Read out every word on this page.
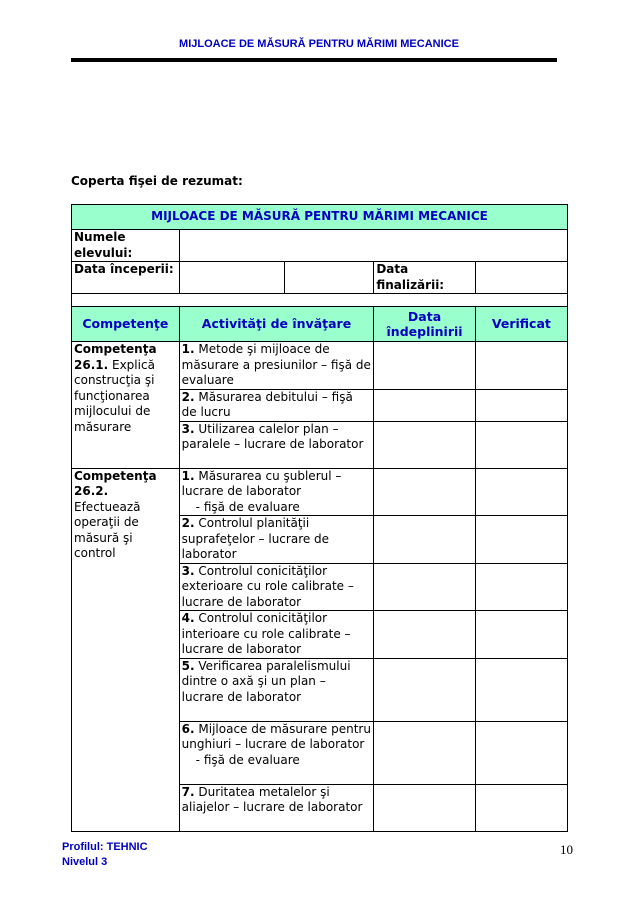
MIJLOACE DE MĂSURĂ PENTRU MĂRIMI MECANICE
Coperta fişei de rezumat:
MIJLOACE DE MĂSURĂ PENTRU MĂRIMI MECANICE				
Numele elevului:				
Data începerii:			Data finalizării:	

Competenţe	Activităţi de învăţare		Data îndeplinirii	Verificat
Competenţa 26.1. Explică construcţia şi funcţionarea mijlocului de măsurare	1. Metode şi mijloace de măsurare a presiunilor – fişă de evaluare			
	2. Măsurarea debitului – fişă de lucru			
	3. Utilizarea calelor plan – paralele – lucrare de laborator			
Competenţa 26.2. Efectuează operaţii de măsură şi control	1. Măsurarea cu şublerul – lucrare de laborator
- fişă de evaluare			
	2. Controlul planităţii suprafeţelor – lucrare de laborator			
	3. Controlul conicităţilor exterioare cu role calibrate – lucrare de laborator			
	4. Controlul conicităţilor interioare cu role calibrate – lucrare de laborator			
	5. Verificarea paralelismului dintre o axă şi un plan – lucrare de laborator			
	6. Mijloace de măsurare pentru unghiuri – lucrare de laborator
- fişă de evaluare			
	7. Duritatea metalelor şi aliajelor – lucrare de laborator			
Profilul: TEHNIC
Nivelul 3
10
